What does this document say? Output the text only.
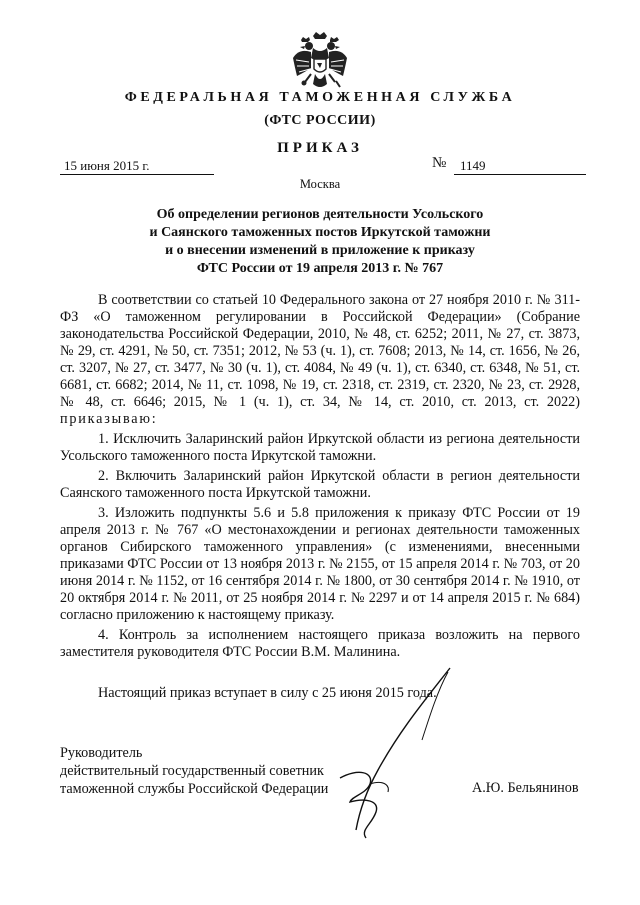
ФЕДЕРАЛЬНАЯ ТАМОЖЕННАЯ СЛУЖБА
(ФТС РОССИИ)
ПРИКАЗ
15 июня 2015 г.	№	1149
Москва
Об определении регионов деятельности Усольского
и Саянского таможенных постов Иркутской таможни
и о внесении изменений в приложение к приказу
ФТС России от 19 апреля 2013 г. № 767

В соответствии со статьей 10 Федерального закона от 27 ноября 2010 г. № 311-ФЗ «О таможенном регулировании в Российской Федерации» (Собрание законодательства Российской Федерации, 2010, № 48, ст. 6252; 2011, № 27, ст. 3873, № 29, ст. 4291, № 50, ст. 7351; 2012, № 53 (ч. 1), ст. 7608; 2013, № 14, ст. 1656, № 26, ст. 3207, № 27, ст. 3477, № 30 (ч. 1), ст. 4084, № 49 (ч. 1), ст. 6340, ст. 6348, № 51, ст. 6681, ст. 6682; 2014, № 11, ст. 1098, № 19, ст. 2318, ст. 2319, ст. 2320, № 23, ст. 2928, № 48, ст. 6646; 2015, № 1 (ч. 1), ст. 34, № 14, ст. 2010, ст. 2013, ст. 2022) приказываю:

1. Исключить Заларинский район Иркутской области из региона деятельности Усольского таможенного поста Иркутской таможни.

2. Включить Заларинский район Иркутской области в регион деятельности Саянского таможенного поста Иркутской таможни.

3. Изложить подпункты 5.6 и 5.8 приложения к приказу ФТС России от 19 апреля 2013 г. № 767 «О местонахождении и регионах деятельности таможенных органов Сибирского таможенного управления» (с изменениями, внесенными приказами ФТС России от 13 ноября 2013 г. № 2155, от 15 апреля 2014 г. № 703, от 20 июня 2014 г. № 1152, от 16 сентября 2014 г. № 1800, от 30 сентября 2014 г. № 1910, от 20 октября 2014 г. № 2011, от 25 ноября 2014 г. № 2297 и от 14 апреля 2015 г. № 684) согласно приложению к настоящему приказу.

4. Контроль за исполнением настоящего приказа возложить на первого заместителя руководителя ФТС России В.М. Малинина.

Настоящий приказ вступает в силу с 25 июня 2015 года.
Руководитель
действительный государственный советник
таможенной службы Российской Федерации	А.Ю. Бельянинов
